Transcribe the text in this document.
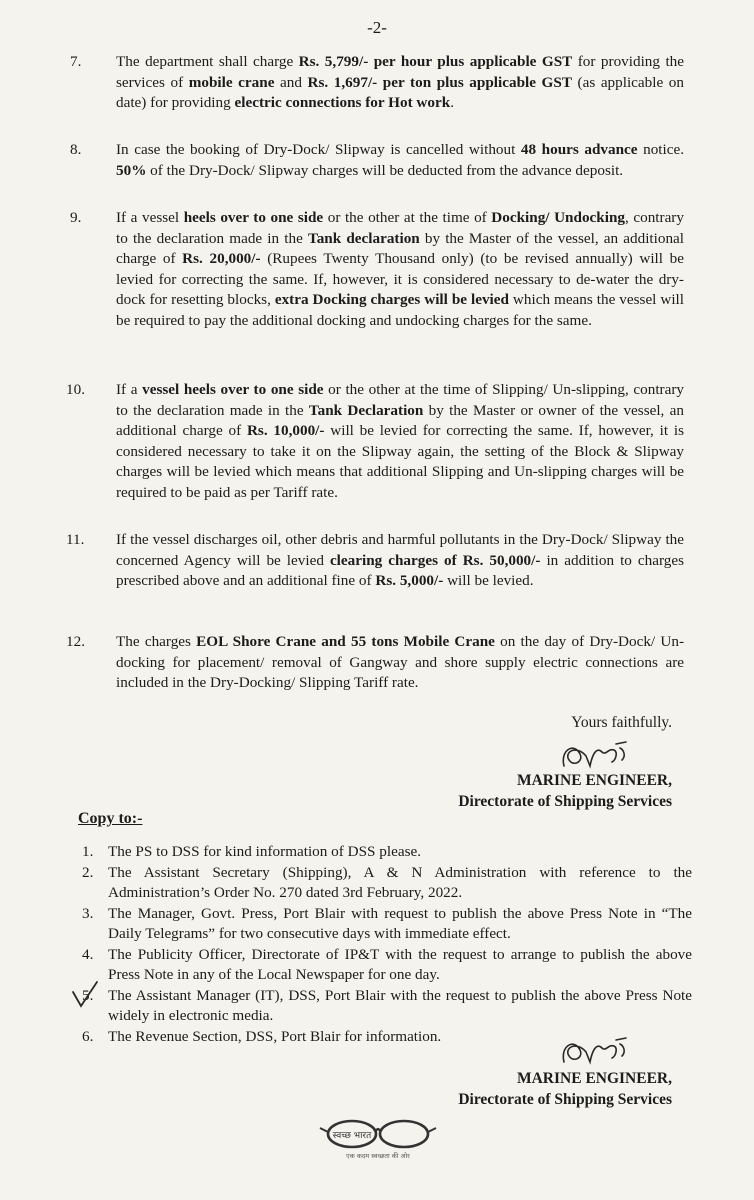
-2-
7.	The department shall charge Rs. 5,799/- per hour plus applicable GST for providing the services of mobile crane and Rs. 1,697/- per ton plus applicable GST (as applicable on date) for providing electric connections for Hot work.
8.	In case the booking of Dry-Dock/ Slipway is cancelled without 48 hours advance notice. 50% of the Dry-Dock/ Slipway charges will be deducted from the advance deposit.
9.	If a vessel heels over to one side or the other at the time of Docking/ Undocking, contrary to the declaration made in the Tank declaration by the Master of the vessel, an additional charge of Rs. 20,000/- (Rupees Twenty Thousand only) (to be revised annually) will be levied for correcting the same. If, however, it is considered necessary to de-water the dry-dock for resetting blocks, extra Docking charges will be levied which means the vessel will be required to pay the additional docking and undocking charges for the same.
10.	If a vessel heels over to one side or the other at the time of Slipping/ Un-slipping, contrary to the declaration made in the Tank Declaration by the Master or owner of the vessel, an additional charge of Rs. 10,000/- will be levied for correcting the same. If, however, it is considered necessary to take it on the Slipway again, the setting of the Block & Slipway charges will be levied which means that additional Slipping and Un-slipping charges will be required to be paid as per Tariff rate.
11.	If the vessel discharges oil, other debris and harmful pollutants in the Dry-Dock/ Slipway the concerned Agency will be levied clearing charges of Rs. 50,000/- in addition to charges prescribed above and an additional fine of Rs. 5,000/- will be levied.
12.	The charges EOL Shore Crane and 55 tons Mobile Crane on the day of Dry-Dock/ Un-docking for placement/ removal of Gangway and shore supply electric connections are included in the Dry-Docking/ Slipping Tariff rate.
Yours faithfully.
MARINE ENGINEER,
Directorate of Shipping Services
Copy to:-
1. The PS to DSS for kind information of DSS please.
2. The Assistant Secretary (Shipping), A & N Administration with reference to the Administration’s Order No. 270 dated 3rd February, 2022.
3. The Manager, Govt. Press, Port Blair with request to publish the above Press Note in “The Daily Telegrams” for two consecutive days with immediate effect.
4. The Publicity Officer, Directorate of IP&T with the request to arrange to publish the above Press Note in any of the Local Newspaper for one day.
5. The Assistant Manager (IT), DSS, Port Blair with the request to publish the above Press Note widely in electronic media.
6. The Revenue Section, DSS, Port Blair for information.
MARINE ENGINEER,
Directorate of Shipping Services
स्वच्छ भारत
एक कदम स्वच्छता की ओर
